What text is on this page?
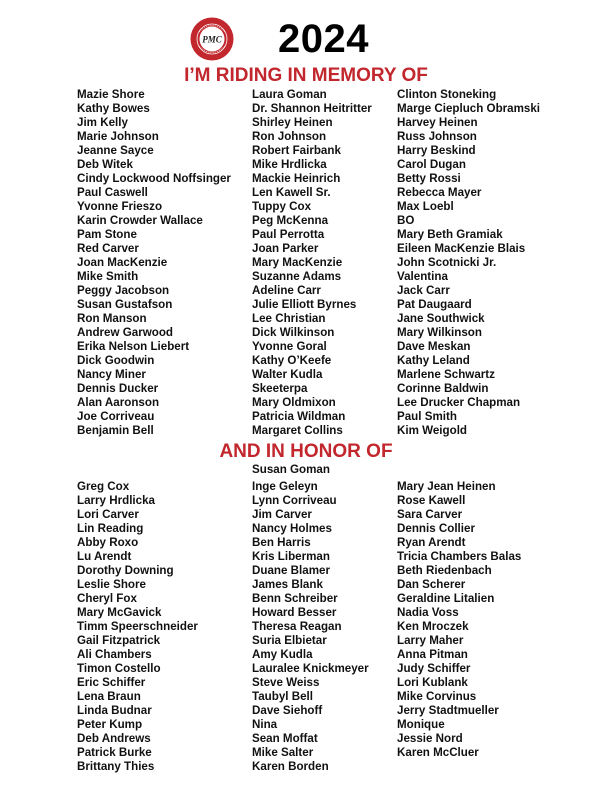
PMC	2024
I’M RIDING IN MEMORY OF
Mazie Shore
Kathy Bowes
Jim Kelly
Marie Johnson
Jeanne Sayce
Deb Witek
Cindy Lockwood Noffsinger
Paul Caswell
Yvonne Frieszo
Karin Crowder Wallace
Pam Stone
Red Carver
Joan MacKenzie
Mike Smith
Peggy Jacobson
Susan Gustafson
Ron Manson
Andrew Garwood
Erika Nelson Liebert
Dick Goodwin
Nancy Miner
Dennis Ducker
Alan Aaronson
Joe Corriveau
Benjamin Bell
Laura Goman
Dr. Shannon Heitritter
Shirley Heinen
Ron Johnson
Robert Fairbank
Mike Hrdlicka
Mackie Heinrich
Len Kawell Sr.
Tuppy Cox
Peg McKenna
Paul Perrotta
Joan Parker
Mary MacKenzie
Suzanne Adams
Adeline Carr
Julie Elliott Byrnes
Lee Christian
Dick Wilkinson
Yvonne Goral
Kathy O’Keefe
Walter Kudla
Skeeterpa
Mary Oldmixon
Patricia Wildman
Margaret Collins
Clinton Stoneking
Marge Ciepluch Obramski
Harvey Heinen
Russ Johnson
Harry Beskind
Carol Dugan
Betty Rossi
Rebecca Mayer
Max Loebl
BO
Mary Beth Gramiak
Eileen MacKenzie Blais
John Scotnicki Jr.
Valentina
Jack Carr
Pat Daugaard
Jane Southwick
Mary Wilkinson
Dave Meskan
Kathy Leland
Marlene Schwartz
Corinne Baldwin
Lee Drucker Chapman
Paul Smith
Kim Weigold
AND IN HONOR OF
Susan Goman
Greg Cox
Larry Hrdlicka
Lori Carver
Lin Reading
Abby Roxo
Lu Arendt
Dorothy Downing
Leslie Shore
Cheryl Fox
Mary McGavick
Timm Speerschneider
Gail Fitzpatrick
Ali Chambers
Timon Costello
Eric Schiffer
Lena Braun
Linda Budnar
Peter Kump
Deb Andrews
Patrick Burke
Brittany Thies
Inge Geleyn
Lynn Corriveau
Jim Carver
Nancy Holmes
Ben Harris
Kris Liberman
Duane Blamer
James Blank
Benn Schreiber
Howard Besser
Theresa Reagan
Suria Elbietar
Amy Kudla
Lauralee Knickmeyer
Steve Weiss
Taubyl Bell
Dave Siehoff
Nina
Sean Moffat
Mike Salter
Karen Borden
Mary Jean Heinen
Rose Kawell
Sara Carver
Dennis Collier
Ryan Arendt
Tricia Chambers Balas
Beth Riedenbach
Dan Scherer
Geraldine Litalien
Nadia Voss
Ken Mroczek
Larry Maher
Anna Pitman
Judy Schiffer
Lori Kublank
Mike Corvinus
Jerry Stadtmueller
Monique
Jessie Nord
Karen McCluer
